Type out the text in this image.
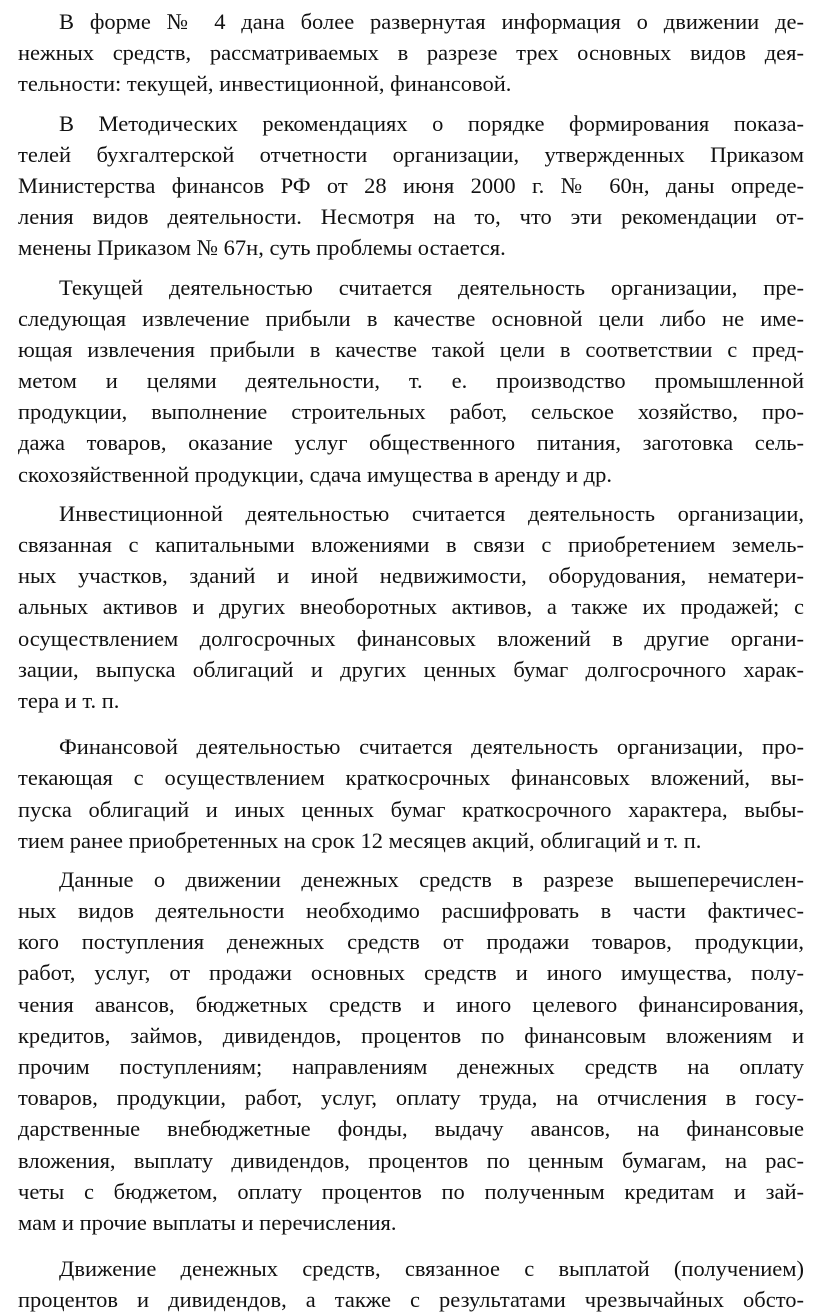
В форме № 4 дана более развернутая информация о движении де-
нежных средств, рассматриваемых в разрезе трех основных видов дея-
тельности: текущей, инвестиционной, финансовой.
В Методических рекомендациях о порядке формирования показа-
телей бухгалтерской отчетности организации, утвержденных Приказом
Министерства финансов РФ от 28 июня 2000 г. № 60н, даны опреде-
ления видов деятельности. Несмотря на то, что эти рекомендации от-
менены Приказом № 67н, суть проблемы остается.
Текущей деятельностью считается деятельность организации, пре-
следующая извлечение прибыли в качестве основной цели либо не име-
ющая извлечения прибыли в качестве такой цели в соответствии с пред-
метом и целями деятельности, т. е. производство промышленной
продукции, выполнение строительных работ, сельское хозяйство, про-
дажа товаров, оказание услуг общественного питания, заготовка сель-
скохозяйственной продукции, сдача имущества в аренду и др.
Инвестиционной деятельностью считается деятельность организации,
связанная с капитальными вложениями в связи с приобретением земель-
ных участков, зданий и иной недвижимости, оборудования, нематери-
альных активов и других внеоборотных активов, а также их продажей; с
осуществлением долгосрочных финансовых вложений в другие органи-
зации, выпуска облигаций и других ценных бумаг долгосрочного харак-
тера и т. п.
Финансовой деятельностью считается деятельность организации, про-
текающая с осуществлением краткосрочных финансовых вложений, вы-
пуска облигаций и иных ценных бумаг краткосрочного характера, выбы-
тием ранее приобретенных на срок 12 месяцев акций, облигаций и т. п.
Данные о движении денежных средств в разрезе вышеперечислен-
ных видов деятельности необходимо расшифровать в части фактичес-
кого поступления денежных средств от продажи товаров, продукции,
работ, услуг, от продажи основных средств и иного имущества, полу-
чения авансов, бюджетных средств и иного целевого финансирования,
кредитов, займов, дивидендов, процентов по финансовым вложениям и
прочим поступлениям; направлениям денежных средств на оплату
товаров, продукции, работ, услуг, оплату труда, на отчисления в госу-
дарственные внебюджетные фонды, выдачу авансов, на финансовые
вложения, выплату дивидендов, процентов по ценным бумагам, на рас-
четы с бюджетом, оплату процентов по полученным кредитам и зай-
мам и прочие выплаты и перечисления.
Движение денежных средств, связанное с выплатой (получением)
процентов и дивидендов, а также с результатами чрезвычайных обсто-
